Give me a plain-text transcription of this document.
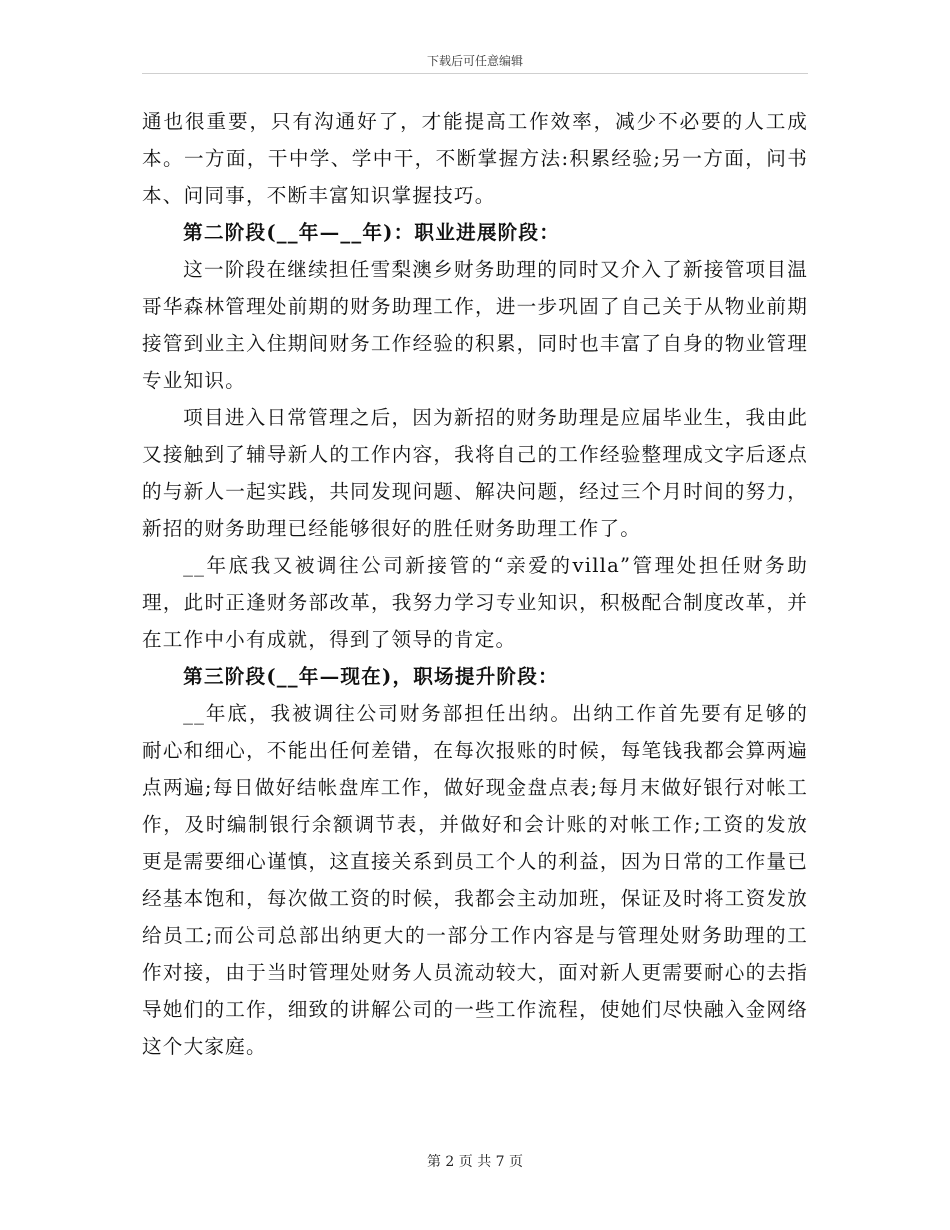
下载后可任意编辑

通也很重要，只有沟通好了，才能提高工作效率，减少不必要的人工成本。一方面，干中学、学中干，不断掌握方法:积累经验;另一方面，问书本、问同事，不断丰富知识掌握技巧。

第二阶段(__年—__年)：职业进展阶段：

这一阶段在继续担任雪梨澳乡财务助理的同时又介入了新接管项目温哥华森林管理处前期的财务助理工作，进一步巩固了自己关于从物业前期接管到业主入住期间财务工作经验的积累，同时也丰富了自身的物业管理专业知识。

项目进入日常管理之后，因为新招的财务助理是应届毕业生，我由此又接触到了辅导新人的工作内容，我将自己的工作经验整理成文字后逐点的与新人一起实践，共同发现问题、解决问题，经过三个月时间的努力，新招的财务助理已经能够很好的胜任财务助理工作了。

__年底我又被调往公司新接管的“亲爱的villa”管理处担任财务助理，此时正逢财务部改革，我努力学习专业知识，积极配合制度改革，并在工作中小有成就，得到了领导的肯定。

第三阶段(__年—现在)，职场提升阶段：

__年底，我被调往公司财务部担任出纳。出纳工作首先要有足够的耐心和细心，不能出任何差错，在每次报账的时候，每笔钱我都会算两遍点两遍;每日做好结帐盘库工作，做好现金盘点表;每月末做好银行对帐工作，及时编制银行余额调节表，并做好和会计账的对帐工作;工资的发放更是需要细心谨慎，这直接关系到员工个人的利益，因为日常的工作量已经基本饱和，每次做工资的时候，我都会主动加班，保证及时将工资发放给员工;而公司总部出纳更大的一部分工作内容是与管理处财务助理的工作对接，由于当时管理处财务人员流动较大，面对新人更需要耐心的去指导她们的工作，细致的讲解公司的一些工作流程，使她们尽快融入金网络这个大家庭。

第 2 页 共 7 页
